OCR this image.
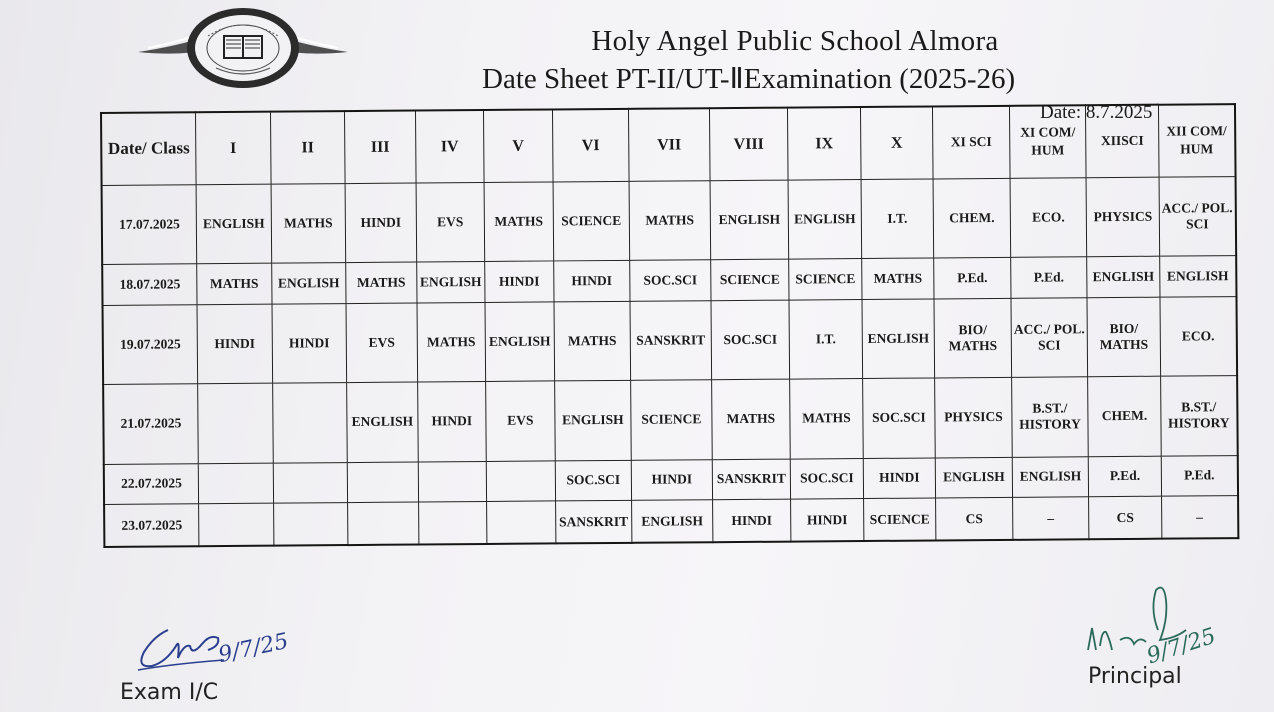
Holy Angel Public School Almora
Date Sheet PT-II/UT-ⅡExamination (2025-26)
Date: 8.7.2025
Date/ Class	I	II	III	IV	V	VI	VII	VIII	IX	X	XI SCI	XI COM/ HUM	XIISCI	XII COM/ HUM
17.07.2025	ENGLISH	MATHS	HINDI	EVS	MATHS	SCIENCE	MATHS	ENGLISH	ENGLISH	I.T.	CHEM.	ECO.	PHYSICS	ACC./ POL. SCI
18.07.2025	MATHS	ENGLISH	MATHS	ENGLISH	HINDI	HINDI	SOC.SCI	SCIENCE	SCIENCE	MATHS	P.Ed.	P.Ed.	ENGLISH	ENGLISH
19.07.2025	HINDI	HINDI	EVS	MATHS	ENGLISH	MATHS	SANSKRIT	SOC.SCI	I.T.	ENGLISH	BIO/ MATHS	ACC./ POL. SCI	BIO/ MATHS	ECO.
21.07.2025			ENGLISH	HINDI	EVS	ENGLISH	SCIENCE	MATHS	MATHS	SOC.SCI	PHYSICS	B.ST./ HISTORY	CHEM.	B.ST./ HISTORY
22.07.2025						SOC.SCI	HINDI	SANSKRIT	SOC.SCI	HINDI	ENGLISH	ENGLISH	P.Ed.	P.Ed.
23.07.2025						SANSKRIT	ENGLISH	HINDI	HINDI	SCIENCE	CS	–	CS	–
9/7/25
Exam I/C
9/7/25
Principal
